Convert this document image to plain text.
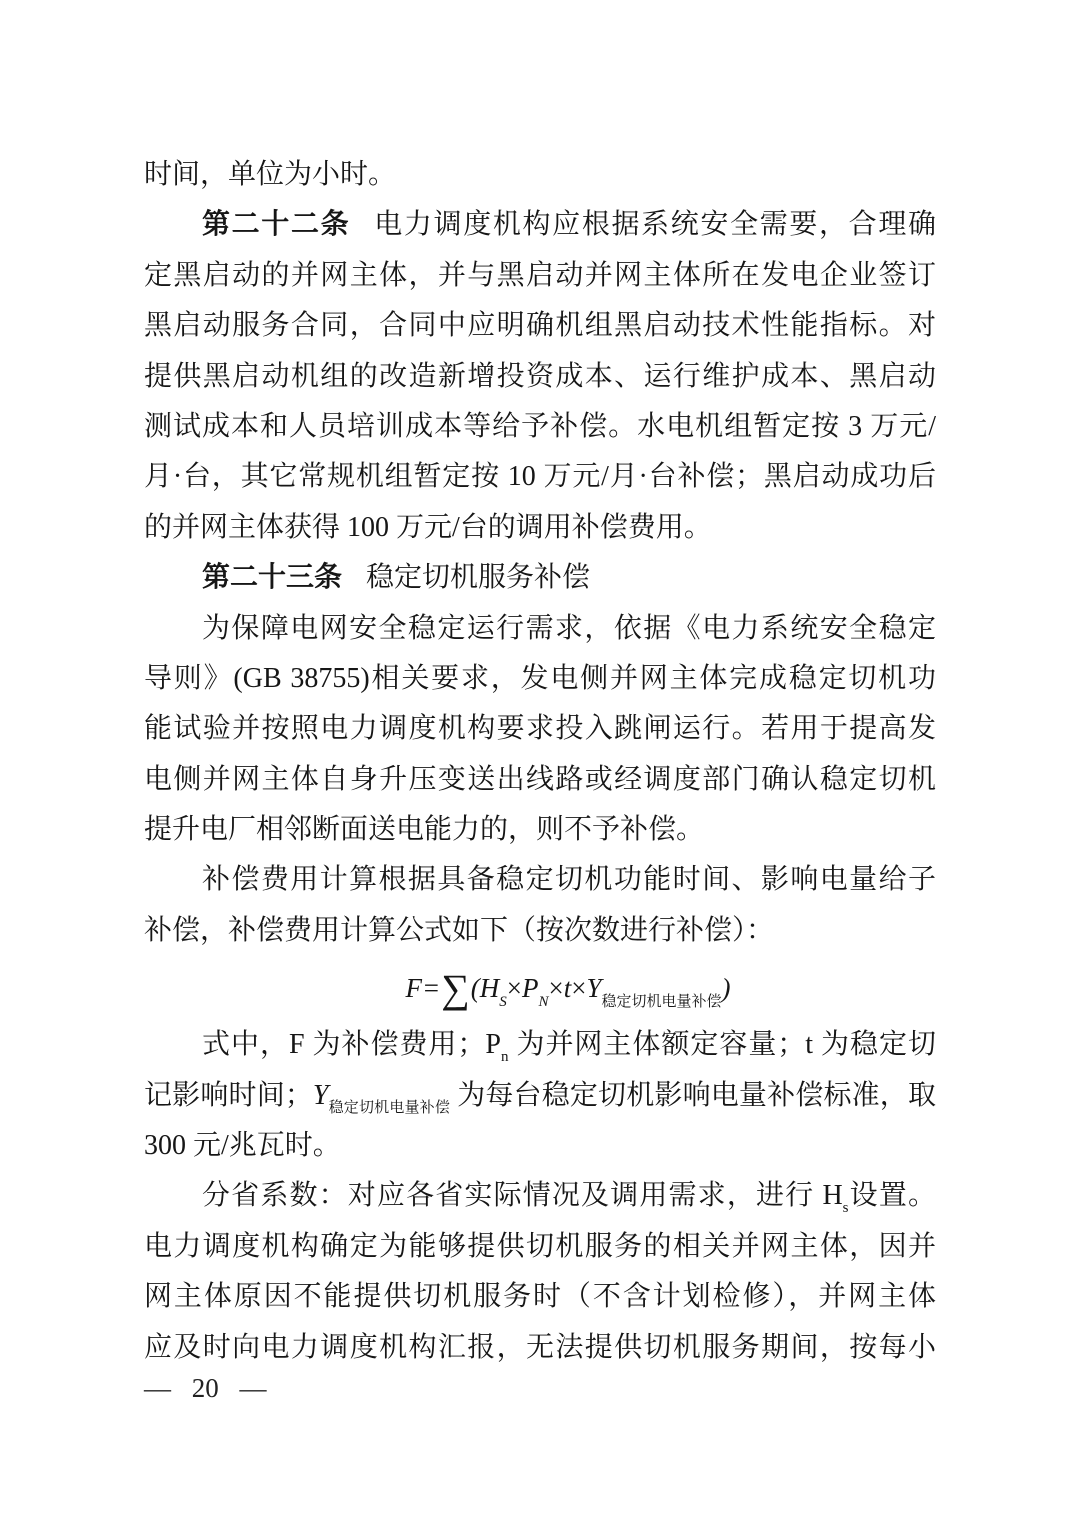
时间，单位为小时。
第二十二条 电力调度机构应根据系统安全需要，合理确
定黑启动的并网主体，并与黑启动并网主体所在发电企业签订
黑启动服务合同，合同中应明确机组黑启动技术性能指标。对
提供黑启动机组的改造新增投资成本、运行维护成本、黑启动
测试成本和人员培训成本等给予补偿。水电机组暂定按 3 万元/
月·台，其它常规机组暂定按 10 万元/月·台补偿；黑启动成功后
的并网主体获得 100 万元/台的调用补偿费用。
第二十三条 稳定切机服务补偿
为保障电网安全稳定运行需求，依据《电力系统安全稳定
导则》(GB 38755)相关要求，发电侧并网主体完成稳定切机功
能试验并按照电力调度机构要求投入跳闸运行。若用于提高发
电侧并网主体自身升压变送出线路或经调度部门确认稳定切机
提升电厂相邻断面送电能力的，则不予补偿。
补偿费用计算根据具备稳定切机功能时间、影响电量给子
补偿，补偿费用计算公式如下（按次数进行补偿）：
$F=\sum(H_S\times P_N\times t\times Y_{稳定切机电量补偿})$
式中，F 为补偿费用；$P_n$ 为并网主体额定容量；t 为稳定切
记影响时间；$Y_{稳定切机电量补偿}$ 为每台稳定切机影响电量补偿标准，取
300 元/兆瓦时。
分省系数：对应各省实际情况及调用需求，进行 $H_s$设置。
电力调度机构确定为能够提供切机服务的相关并网主体，因并
网主体原因不能提供切机服务时（不含计划检修），并网主体
应及时向电力调度机构汇报，无法提供切机服务期间，按每小
— 20 —
